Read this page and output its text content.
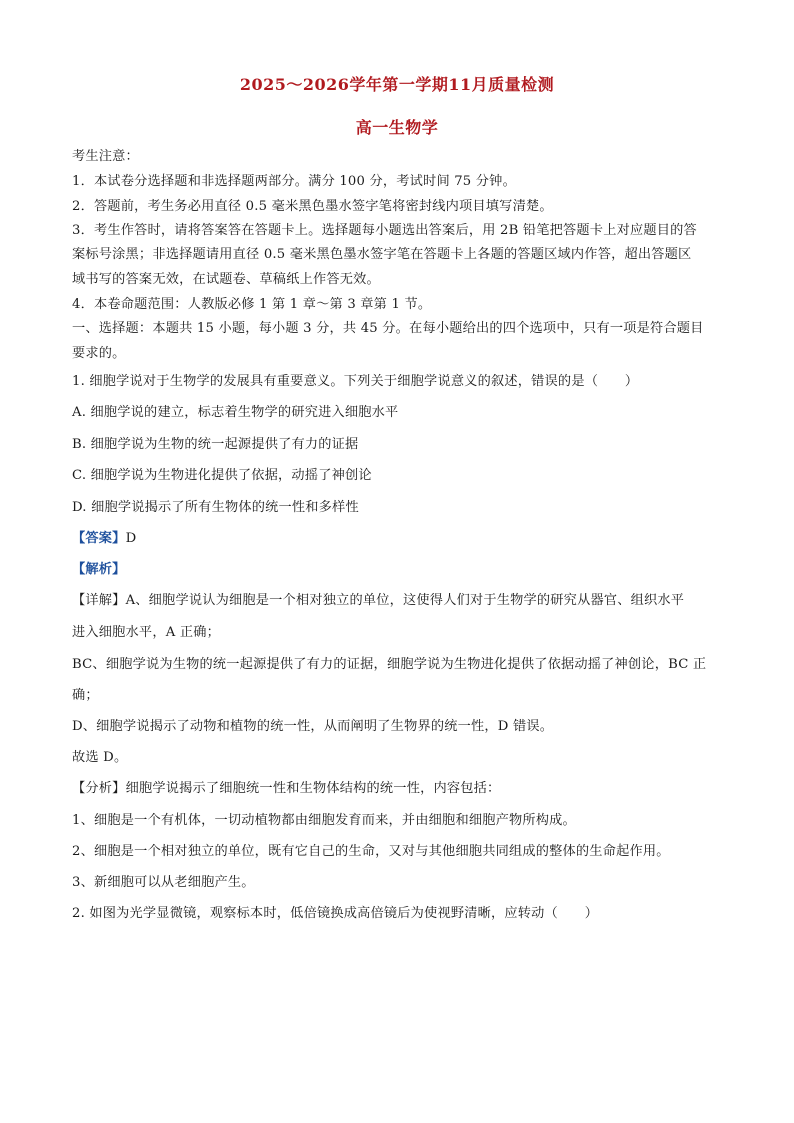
2025～2026学年第一学期11月质量检测
高一生物学
考生注意：
1．本试卷分选择题和非选择题两部分。满分 100 分，考试时间 75 分钟。
2．答题前，考生务必用直径 0.5 毫米黑色墨水签字笔将密封线内项目填写清楚。
3．考生作答时，请将答案答在答题卡上。选择题每小题选出答案后，用 2B 铅笔把答题卡上对应题目的答
案标号涂黑；非选择题请用直径 0.5 毫米黑色墨水签字笔在答题卡上各题的答题区域内作答，超出答题区
域书写的答案无效，在试题卷、草稿纸上作答无效。
4．本卷命题范围：人教版必修 1 第 1 章～第 3 章第 1 节。
一、选择题：本题共 15 小题，每小题 3 分，共 45 分。在每小题给出的四个选项中，只有一项是符合题目
要求的。
1. 细胞学说对于生物学的发展具有重要意义。下列关于细胞学说意义的叙述，错误的是（　　）
A. 细胞学说的建立，标志着生物学的研究进入细胞水平
B. 细胞学说为生物的统一起源提供了有力的证据
C. 细胞学说为生物进化提供了依据，动摇了神创论
D. 细胞学说揭示了所有生物体的统一性和多样性
【答案】D
【解析】
【详解】A、细胞学说认为细胞是一个相对独立的单位，这使得人们对于生物学的研究从器官、组织水平
进入细胞水平，A 正确；
BC、细胞学说为生物的统一起源提供了有力的证据，细胞学说为生物进化提供了依据动摇了神创论，BC 正
确；
D、细胞学说揭示了动物和植物的统一性，从而阐明了生物界的统一性，D 错误。
故选 D。
【分析】细胞学说揭示了细胞统一性和生物体结构的统一性，内容包括：
1、细胞是一个有机体，一切动植物都由细胞发育而来，并由细胞和细胞产物所构成。
2、细胞是一个相对独立的单位，既有它自己的生命，又对与其他细胞共同组成的整体的生命起作用。
3、新细胞可以从老细胞产生。
2. 如图为光学显微镜，观察标本时，低倍镜换成高倍镜后为使视野清晰，应转动（　　）
